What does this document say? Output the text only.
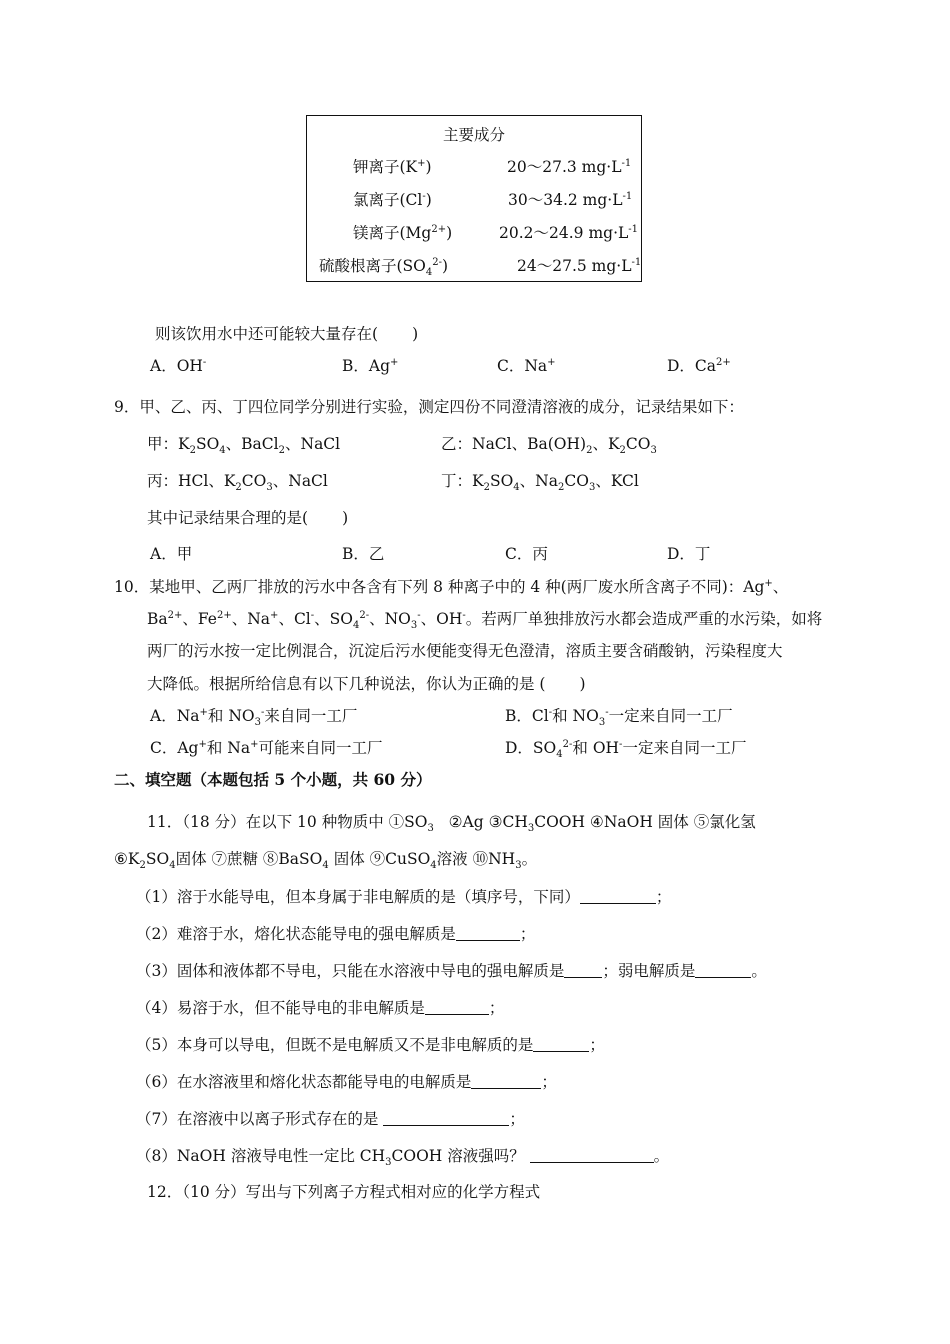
主要成分
钾离子(K+)	20～27.3 $mg\cdot L^{-1}$
氯离子(Cl-)	30～34.2 $mg\cdot L^{-1}$
镁离子$(Mg^{2+})$	20.2～24.9 $mg\cdot L^{-1}$
硫酸根离子$(SO_4^{2-})$	24～27.5 $mg\cdot L^{-1}$
则该饮用水中还可能较大量存在( )
A．OH-	B．Ag+	C．Na+	D．$Ca^{2+}$
9．甲、乙、丙、丁四位同学分别进行实验，测定四份不同澄清溶液的成分，记录结果如下：
甲：$K_2SO_4$、BaCl$_2$、NaCl	乙：NaCl、$Ba(OH)_2$、$K_2CO_3$
丙：HCl、$K_2CO_3$、NaCl	丁：$K_2SO_4$、$Na_2CO_3$、KCl
其中记录结果合理的是( )
A．甲	B．乙	C．丙	D．丁
10．某地甲、乙两厂排放的污水中各含有下列 8 种离子中的 4 种(两厂废水所含离子不同)：Ag+、
$Ba^{2+}$、$Fe^{2+}$、Na+、Cl-、$SO_4^{2-}$、$NO_3^-$、OH-。若两厂单独排放污水都会造成严重的水污染，如将
两厂的污水按一定比例混合，沉淀后污水便能变得无色澄清，溶质主要含硝酸钠，污染程度大
大降低。根据所给信息有以下几种说法，你认为正确的是 ( )
A．Na+和 $NO_3^-$来自同一工厂	B．Cl-和 $NO_3^-$一定来自同一工厂
C．Ag+和 Na+可能来自同一工厂	D．$SO_4^{2-}$和 OH-一定来自同一工厂
二、填空题（本题包括 5 个小题，共 60 分）
11．（18 分）在以下 10 种物质中 $①SO_3$ ②Ag $③CH_3COOH$ ④NaOH 固体 ⑤氯化氢
$⑥K_2SO_4$固体 ⑦蔗糖 ⑧BaSO$_4$ 固体 ⑨CuSO$_4$溶液 $⑩NH_3$。
（1）溶于水能导电，但本身属于非电解质的是（填序号，下同）	；
（2）难溶于水，熔化状态能导电的强电解质是	；
（3）固体和液体都不导电，只能在水溶液中导电的强电解质是 ；弱电解质是	。
（4）易溶于水，但不能导电的非电解质是	；
（5）本身可以导电，但既不是电解质又不是非电解质的是	；
（6）在水溶液里和熔化状态都能导电的电解质是	；
（7）在溶液中以离子形式存在的是	；
（8）NaOH 溶液导电性一定比 $CH_3COOH$ 溶液强吗？	。
12．（10 分）写出与下列离子方程式相对应的化学方程式
